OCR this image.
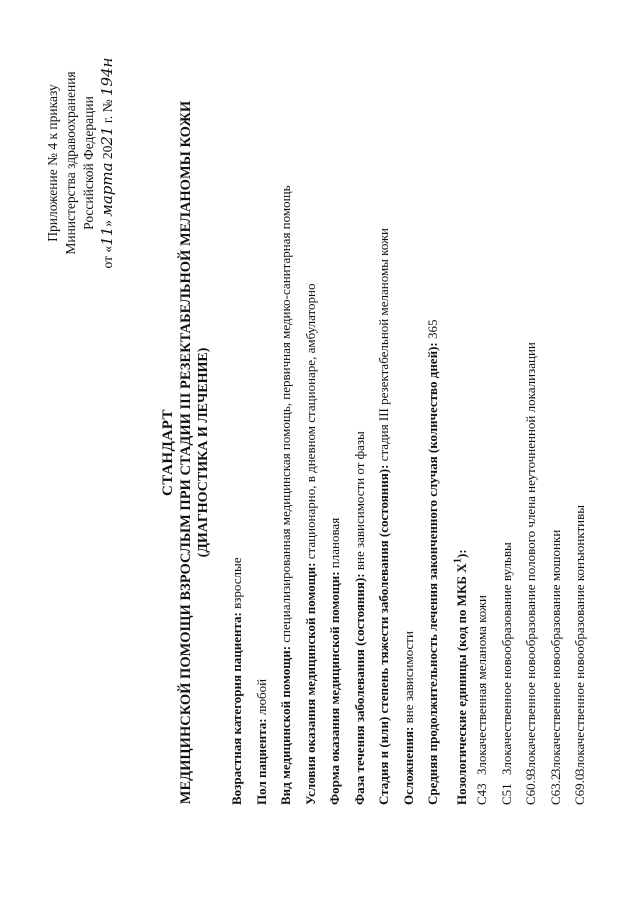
Приложение № 4 к приказу Министерства здравоохранения Российской Федерации
от «11» марта 2021 г. № 194н
СТАНДАРТ МЕДИЦИНСКОЙ ПОМОЩИ ВЗРОСЛЫМ ПРИ СТАДИИ III РЕЗЕКТАБЕЛЬНОЙ МЕЛАНОМЫ КОЖИ (ДИАГНОСТИКА И ЛЕЧЕНИЕ)
Возрастная категория пациента: взрослые
Пол пациента: любой Вид медицинской помощи: специализированная медицинская помощь, первичная медико-санитарная помощь
Условия оказания медицинской помощи: стационарно, в дневном стационаре, амбулаторно
Форма оказания медицинской помощи: плановая
Фаза течения заболевания (состояния): вне зависимости от фазы Стадия и (или) степень тяжести заболевания (состояния): стадия III резектабельной меланомы кожи
Осложнения: вне зависимости Средняя продолжительность лечения законченного случая (количество дней): 365
Нозологические единицы (код по МКБ $X^1$):
C43
Злокачественная меланома кожи
C51
Злокачественное новообразование вульвы
C60.9
Злокачественное новообразование полового члена неуточненной локализации
C63.2
Злокачественное новообразование мошонки
C69.0
Злокачественное новообразование конъюнктивы
